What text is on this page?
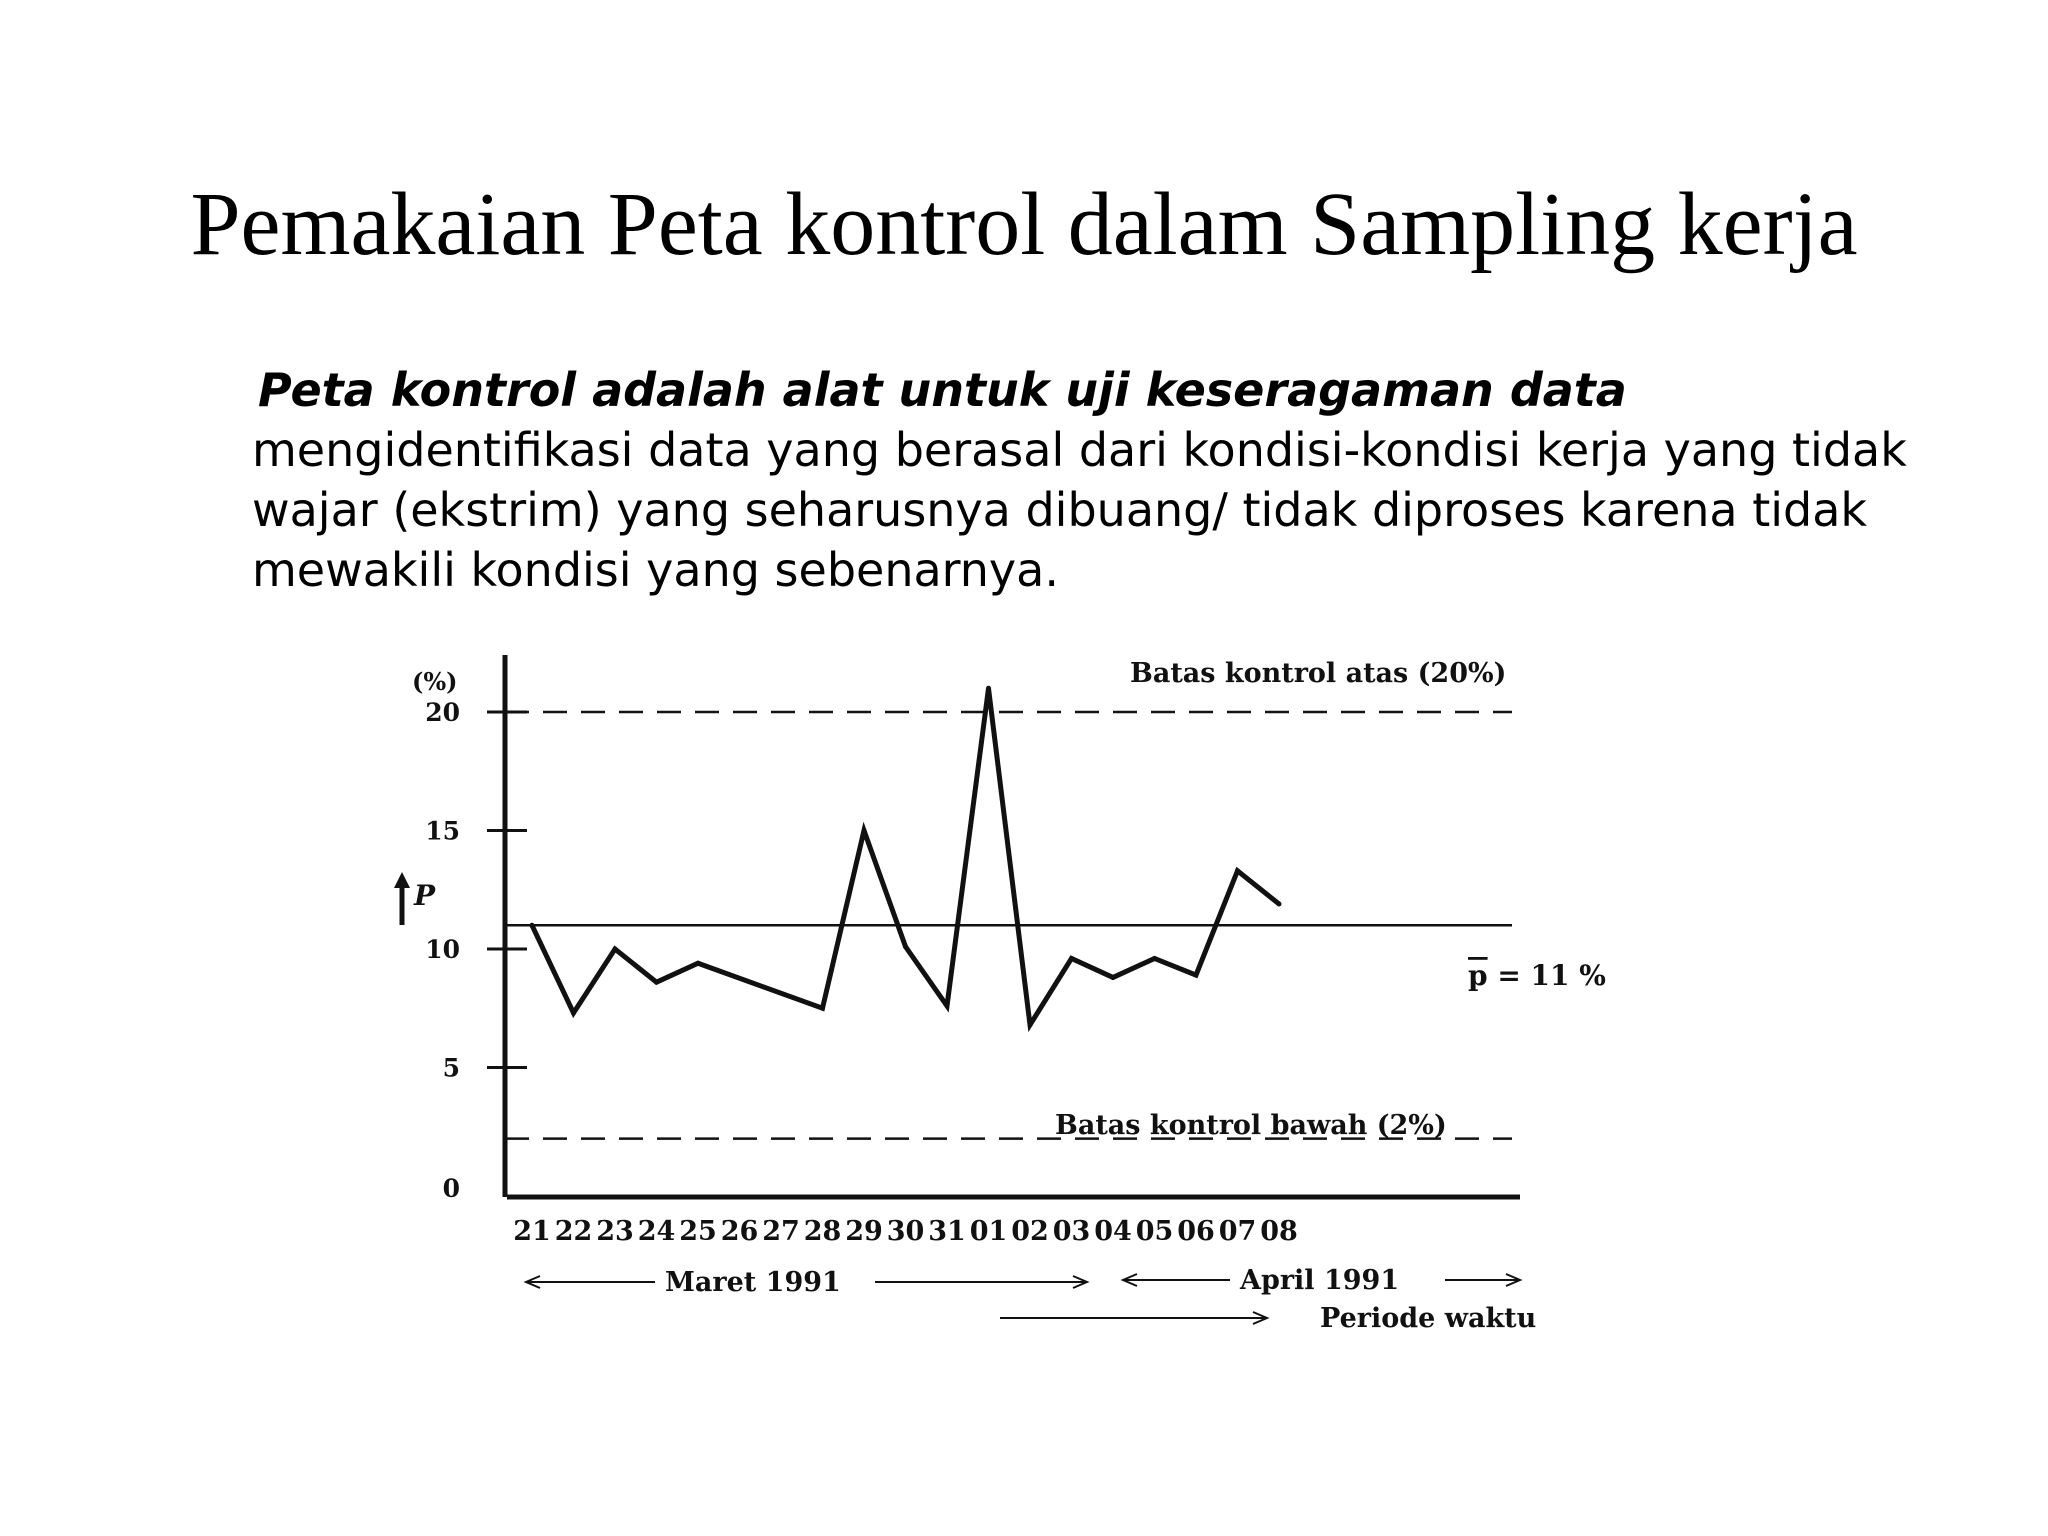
Pemakaian Peta kontrol dalam Sampling kerja
Peta kontrol adalah alat untuk uji keseragaman data
mengidentifikasi data yang berasal dari kondisi-kondisi kerja yang tidak
wajar (ekstrim) yang seharusnya dibuang/ tidak diproses karena tidak
mewakili kondisi yang sebenarnya.
(%)
P
p = 11 %
Maret 1991	April 1991
Periode waktu
20
15
10
5
0
Batas kontrol atas (20%)
Batas kontrol bawah (2%)
21 22 23 24 25 26 27 28 29 30 31 01 02 03 04 05 06 07 08
